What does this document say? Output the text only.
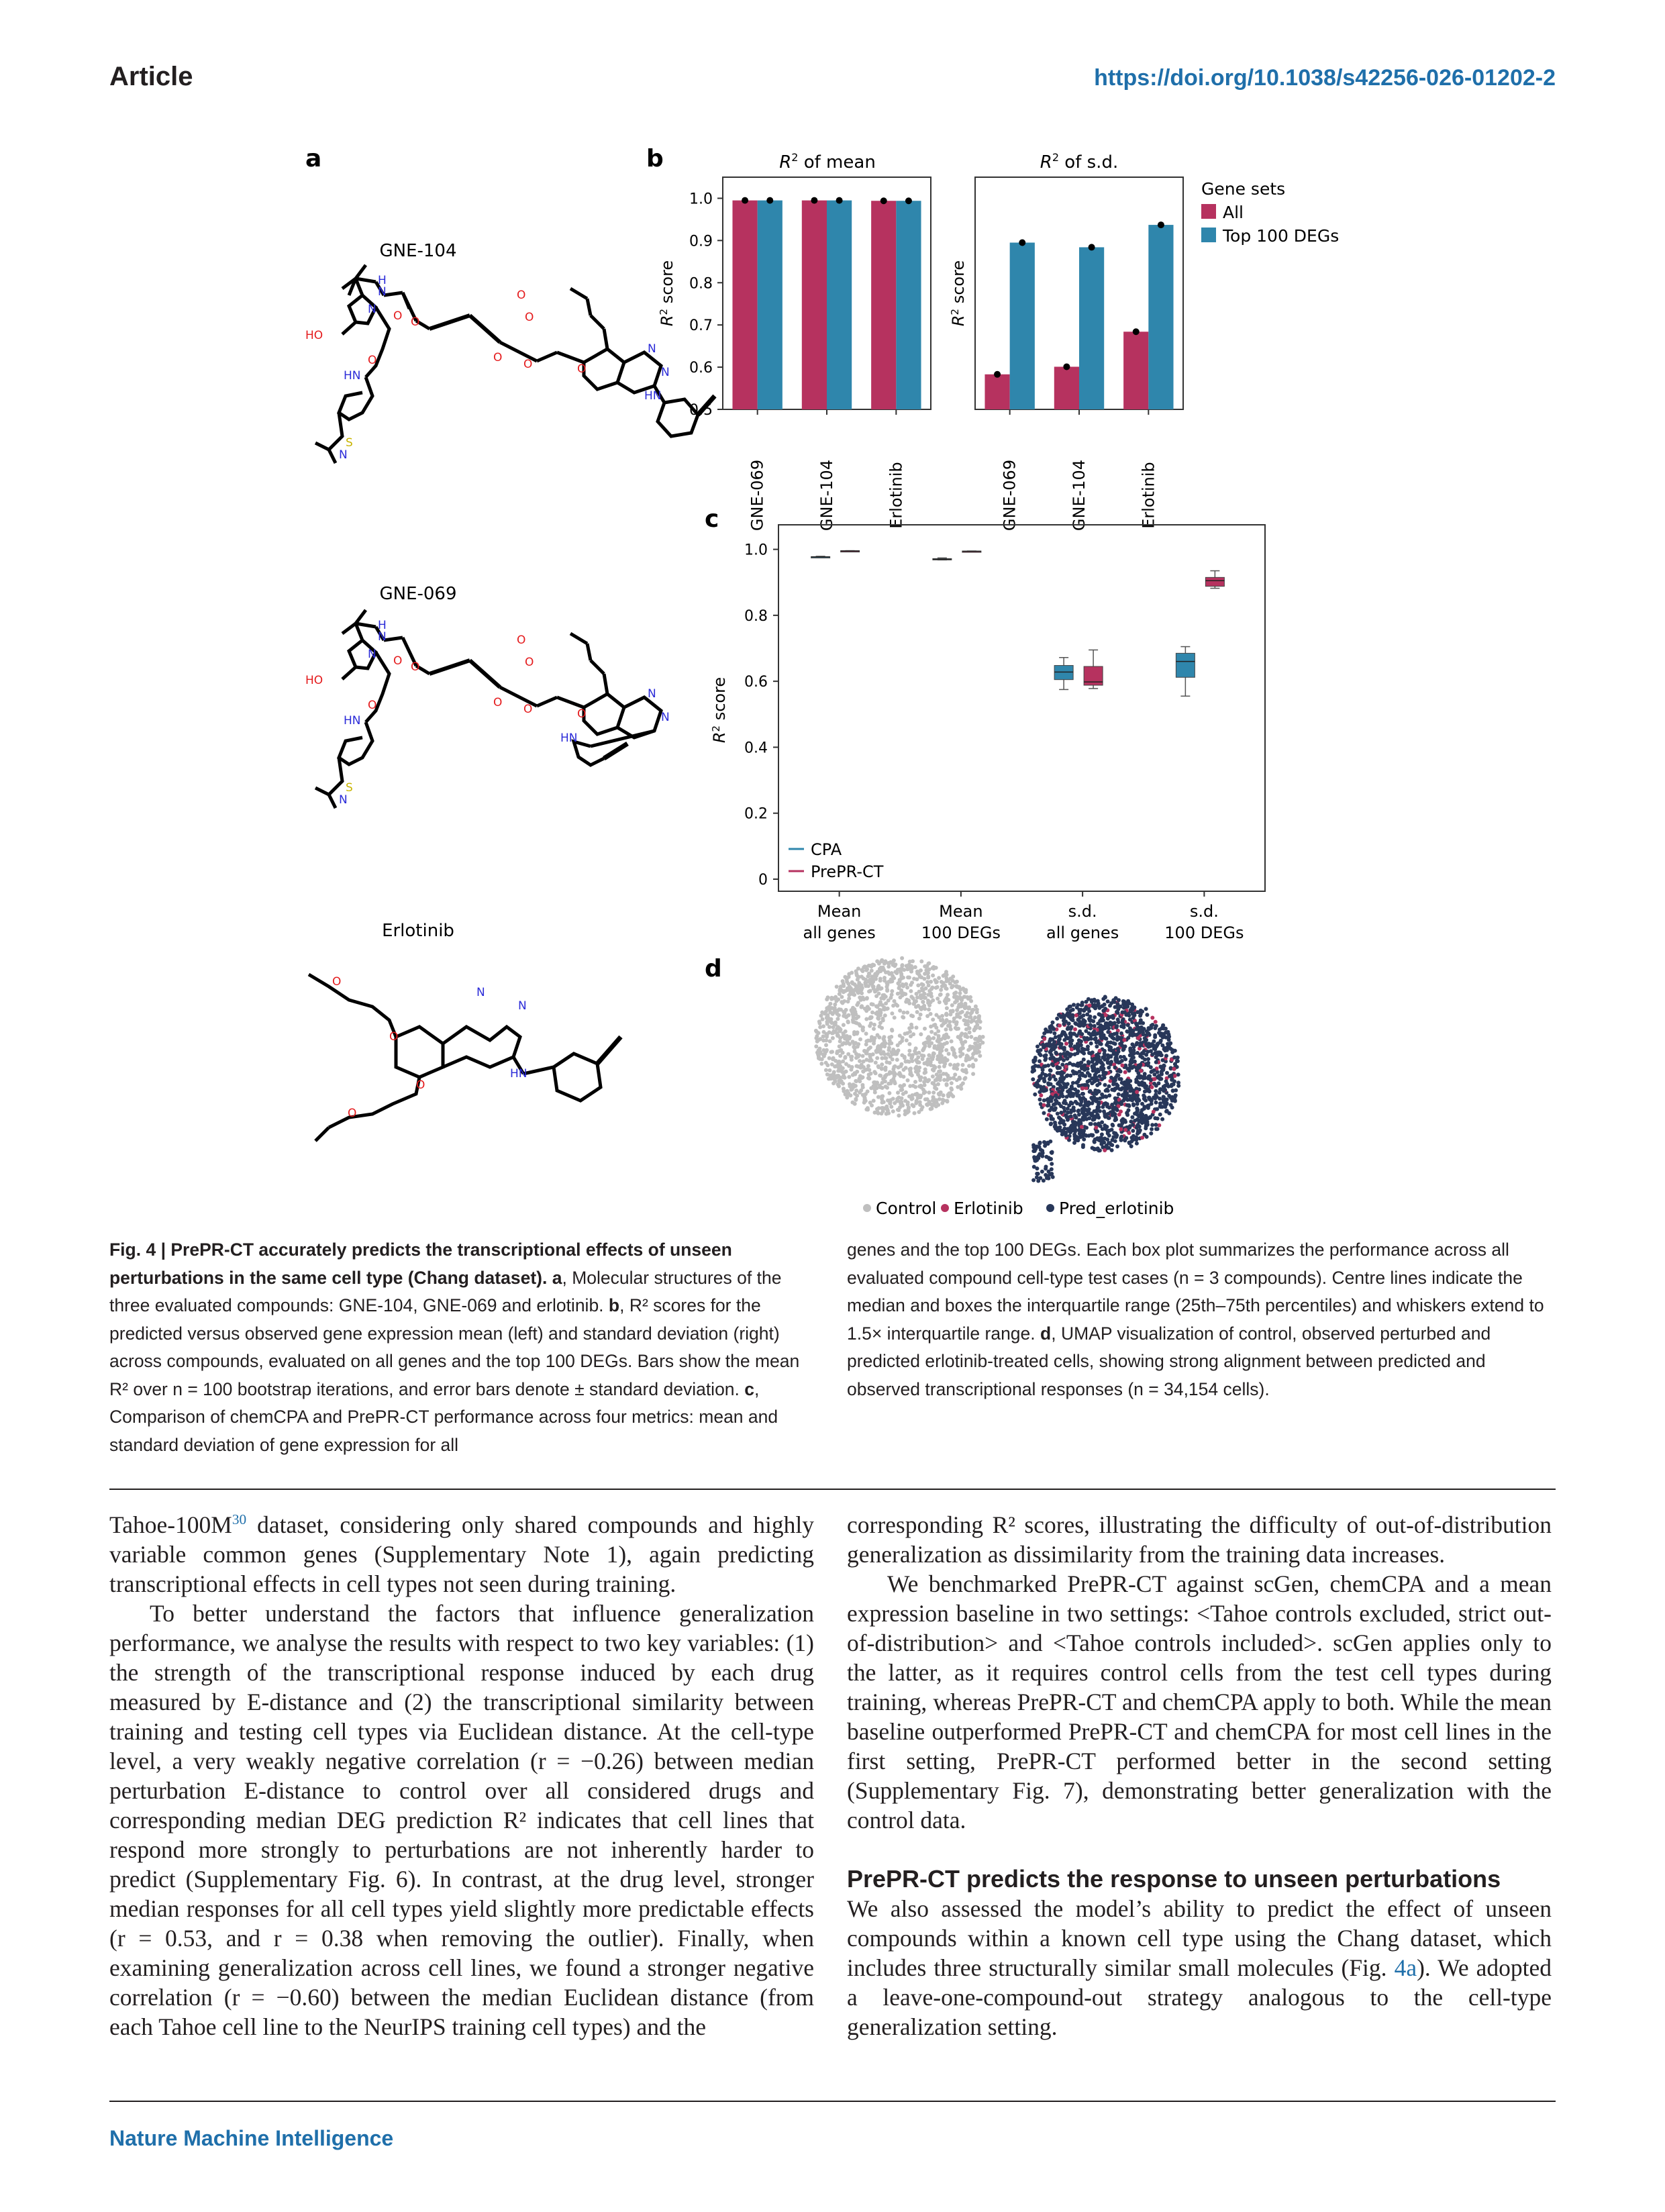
Article	https://doi.org/10.1038/s42256-026-01202-2
a	b
c
d
GNE-104
GNE-069
Erlotinib
HO
N
H
N
O
HN
O O
O O
O
O
O
N
N
HN
N
S
HO
N
H
N
O
HN
O O
O O
O
O
O
N
N
HN
N
S
O
O
O
O
N
N
HN
$R^2$ of mean
$R^2$ score
0.5
0.6
0.7
0.8
0.9
1.0
GNE-069	GNE-104	Erlotinib
$R^2$ of s.d.
$R^2$ score
GNE-069	GNE-104	Erlotinib
Gene sets
All
Top 100 DEGs
$R^2$ score
0
0.2
0.4
0.6
0.8
1.0
Mean
all genes
Mean
100 DEGs
s.d.
all genes
s.d.
100 DEGs
CPA
PrePR-CT
Control Erlotinib Pred_erlotinib
Fig. 4 | PrePR-CT accurately predicts the transcriptional effects of unseen perturbations in the same cell type (Chang dataset). a, Molecular structures of the three evaluated compounds: GNE-104, GNE-069 and erlotinib. b, R² scores for the predicted versus observed gene expression mean (left) and standard deviation (right) across compounds, evaluated on all genes and the top 100 DEGs. Bars show the mean R² over n = 100 bootstrap iterations, and error bars denote ± standard deviation. c, Comparison of chemCPA and PrePR-CT performance across four metrics: mean and standard deviation of gene expression for all
genes and the top 100 DEGs. Each box plot summarizes the performance across all evaluated compound cell-type test cases (n = 3 compounds). Centre lines indicate the median and boxes the interquartile range (25th–75th percentiles) and whiskers extend to 1.5× interquartile range. d, UMAP visualization of control, observed perturbed and predicted erlotinib-treated cells, showing strong alignment between predicted and observed transcriptional responses (n = 34,154 cells).

Tahoe-$100M^{30}$ dataset, considering only shared compounds and highly variable common genes (Supplementary Note 1), again predicting transcriptional effects in cell types not seen during training.

To better understand the factors that influence generalization performance, we analyse the results with respect to two key variables: (1) the strength of the transcriptional response induced by each drug measured by E-distance and (2) the transcriptional similarity between training and testing cell types via Euclidean distance. At the cell-type level, a very weakly negative correlation (r = −0.26) between median perturbation E-distance to control over all considered drugs and corresponding median DEG prediction R² indicates that cell lines that respond more strongly to perturbations are not inherently harder to predict (Supplementary Fig. 6). In contrast, at the drug level, stronger median responses for all cell types yield slightly more predictable effects (r = 0.53, and r = 0.38 when removing the outlier). Finally, when examining generalization across cell lines, we found a stronger negative correlation (r = −0.60) between the median Euclidean distance (from each Tahoe cell line to the NeurIPS training cell types) and the

corresponding R² scores, illustrating the difficulty of out-of-distribution generalization as dissimilarity from the training data increases.

We benchmarked PrePR-CT against scGen, chemCPA and a mean expression baseline in two settings: <Tahoe controls excluded, strict out-of-distribution> and <Tahoe controls included>. scGen applies only to the latter, as it requires control cells from the test cell types during training, whereas PrePR-CT and chemCPA apply to both. While the mean baseline outperformed PrePR-CT and chemCPA for most cell lines in the first setting, PrePR-CT performed better in the second setting (Supplementary Fig. 7), demonstrating better generalization with the control data.

PrePR-CT predicts the response to unseen perturbations

We also assessed the model’s ability to predict the effect of unseen compounds within a known cell type using the Chang dataset, which includes three structurally similar small molecules (Fig. 4a). We adopted a leave-one-compound-out strategy analogous to the cell-type generalization setting.

Nature Machine Intelligence
